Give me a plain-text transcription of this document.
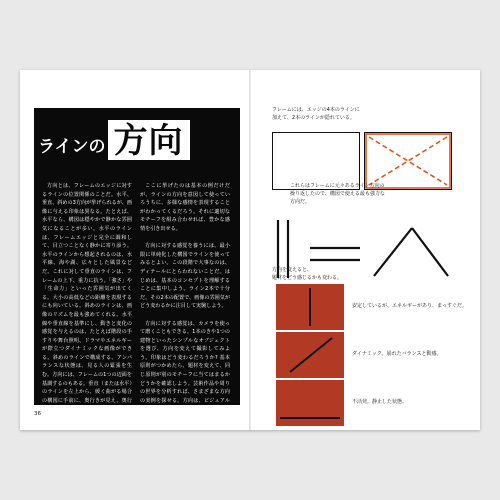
ラインの 方向

方向とは、フレームのエッジに対するラインの位置関係のことだ。水平、垂直、斜めの3方向が挙げられるが、画像に与える印象は異なる。たとえば、水平なら、構図は穏やかで静かな雰囲気になることが多い。水平のラインは、フレームエッジと完全に調和して、目立つことなく静かに寄り添う。水平のラインから想起されるのは、水平線、海や湖、広々とした風景などだ。これに対して垂直のラインは、フレームの上下、重力に抗う。「強さ」や「生命力」といった雰囲気が出てくる。大小の高低などの距離を表現するにも向いている。斜めのラインは、画像のリズムを最も強めてくれる。水平線や垂直線を基準にし、動きと変化の感覚を与えるのは、たとえば階段の手すりや舞台照明、ドラマやエネルギーが際立つダイナミックな画像ができる。斜めのラインで構成する、アンバランスな状態は、見る人の緊張を生む。方向には、フレームの1つの辺面を基調するのもある。垂直（または水平）のラインを左上から、緩く曲がる場合の構図に手前に、奥行きが見え、奥行きを感じることができるのだ。

ここに挙げたのは基本の例だけだが、ラインの方向を意図して使っていろうちに、多様な感情を表現することがわかってくるだろう。それに適切なモチーフを組み合わせれば、豊かな感情を引き出せる。

方向に対する感覚を養うには、最小限に単純化した構図でラインを使ってみるとよい。この段階で大事なのは、ディテールにとらわれないことだ。はじめは、基本のコンセプトを理解することに集中しよう。ライン2本で十分だ。その2本の配置で、画像の雰囲気がどう変わるかに注目して実験しよう。

方向に対する感覚は、カメラを使って磨くこともできる。1本のきや1つの建物といったシンプルなオブジェクトを選び、方向を変えて撮影してみよう。印象はどう変わるだろうか? 基本原則がつかめたら、題材を変えて、同じ原則が別のモチーフに当てはまるかどうかを確認しよう。芸術作品や周りの世界を分析すれば、さまざまな方向の実例を探せる。方向は、ビジュアルの言語の重要な要素となっている。方向を変えると、特定の感情が高められるか?

36
フレームには、エッジの4本のラインに
加えて、2本のラインが隠れている。
これらはフレームに元々あるライン方向の
操り返したので、構図で使える最も強力な
方向だ。
方向を変えると、
題材をどう感じるかも変わる。
安定しているが、エネルギーがあり、まっすぐだ。
ダイナミック。崩れたバランスと動感。
不活発。静止した状態。
